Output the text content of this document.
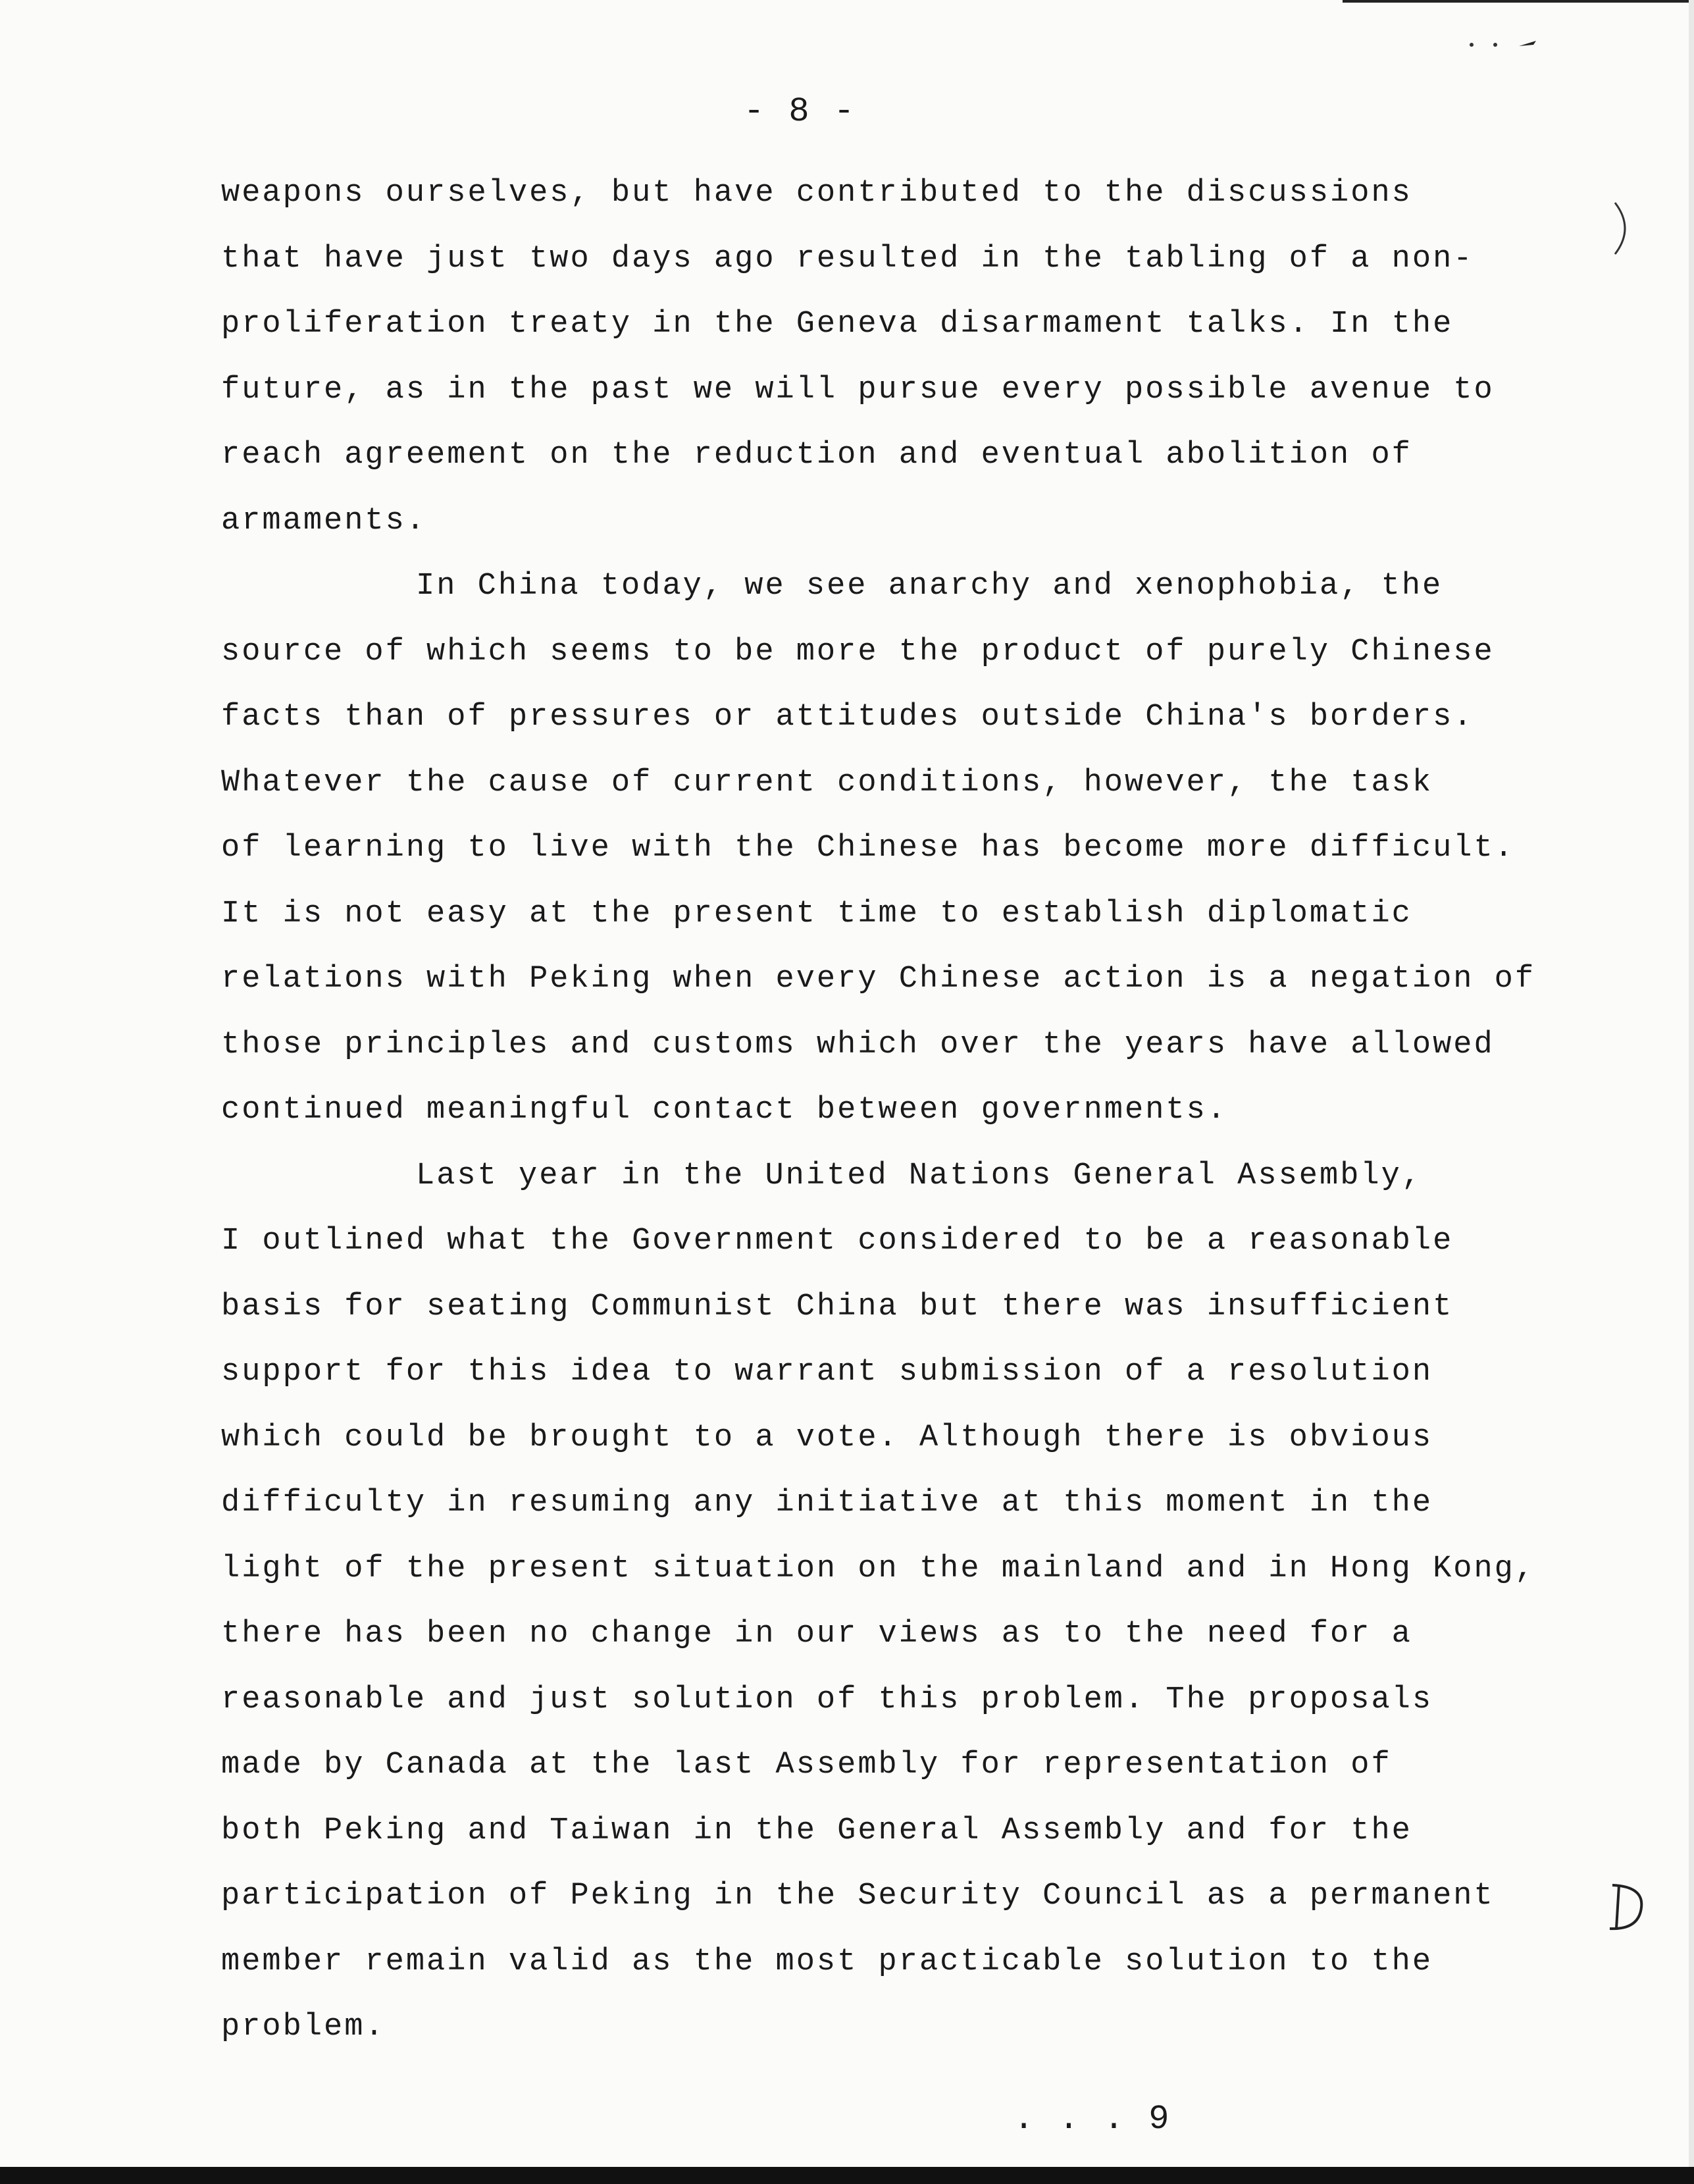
- 8 -
weapons ourselves, but have contributed to the discussions
that have just two days ago resulted in the tabling of a non-
proliferation treaty in the Geneva disarmament talks. In the
future, as in the past we will pursue every possible avenue to
reach agreement on the reduction and eventual abolition of
armaments.
In China today, we see anarchy and xenophobia, the
source of which seems to be more the product of purely Chinese
facts than of pressures or attitudes outside China's borders.
Whatever the cause of current conditions, however, the task
of learning to live with the Chinese has become more difficult.
It is not easy at the present time to establish diplomatic
relations with Peking when every Chinese action is a negation of
those principles and customs which over the years have allowed
continued meaningful contact between governments.
Last year in the United Nations General Assembly,
I outlined what the Government considered to be a reasonable
basis for seating Communist China but there was insufficient
support for this idea to warrant submission of a resolution
which could be brought to a vote. Although there is obvious
difficulty in resuming any initiative at this moment in the
light of the present situation on the mainland and in Hong Kong,
there has been no change in our views as to the need for a
reasonable and just solution of this problem. The proposals
made by Canada at the last Assembly for representation of
both Peking and Taiwan in the General Assembly and for the
participation of Peking in the Security Council as a permanent
member remain valid as the most practicable solution to the
problem.
. . . 9
